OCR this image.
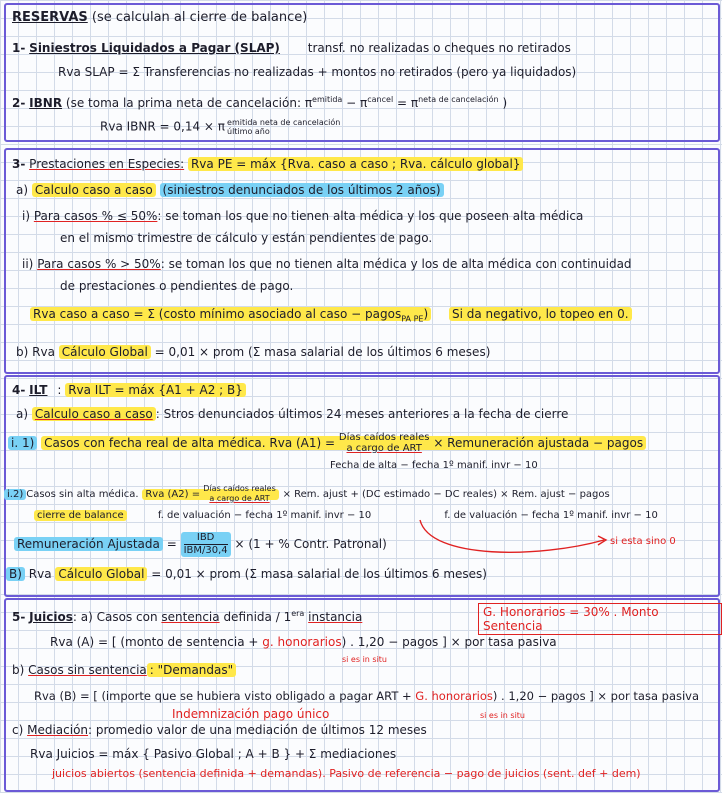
RESERVAS (se calculan al cierre de balance)
1- Siniestros Liquidados a Pagar (SLAP) transf. no realizadas o cheques no retirados
Rva SLAP = Σ Transferencias no realizadas + montos no retirados (pero ya liquidados)
2- IBNR (se toma la prima neta de cancelación: $\pi^{emitida} - \pi^{cancel} = \pi^{neta de cancelación}$ )
Rva IBNR = 0,14 × π emitida neta de cancelación
último año
3- Prestaciones en Especies: Rva PE = máx {Rva. caso a caso ; Rva. cálculo global}
a) Calculo caso a caso (siniestros denunciados de los últimos 2 años)
i) Para casos % ≤ 50%: se toman los que no tienen alta médica y los que poseen alta médica
en el mismo trimestre de cálculo y están pendientes de pago.
ii) Para casos % > 50%: se toman los que no tienen alta médica y los de alta médica con continuidad
de prestaciones o pendientes de pago.
Rva caso a caso = Σ (costo mínimo asociado al caso − pagos$_{PA PE}$) Si da negativo, lo topeo en 0.
b) Rva Cálculo Global = 0,01 × prom (Σ masa salarial de los últimos 6 meses)
4- ILT : Rva ILT = máx {A1 + A2 ; B}
a) Calculo caso a caso : Stros denunciados últimos 24 meses anteriores a la fecha de cierre
i. 1) Casos con fecha real de alta médica. Rva (A1) = Días caídos reales
a cargo de ART × Remuneración ajustada − pagos
Fecha de alta − fecha 1º manif. invr − 10
i.2) Casos sin alta médica. Rva (A2) =
Días caídos reales
a cargo de ART	× Rem. ajust + (DC estimado − DC reales) × Rem. ajust − pagos
cierre de balance	f. de valuación − fecha 1º manif. invr − 10	f. de valuación − fecha 1º manif. invr − 10
Remuneración Ajustada =	IBD
IBM/30,4 × (1 + % Contr. Patronal)	si esta sino 0
B) Rva Cálculo Global = 0,01 × prom (Σ masa salarial de los últimos 6 meses)
5- Juicios: a) Casos con sentencia definida / $1^{era}$ instancia	G. Honorarios = 30% . Monto Sentencia
Rva (A) = [ (monto de sentencia + g. honorarios) . 1,20 − pagos ] × por tasa pasiva
si es in situ
b) Casos sin sentencia : "Demandas"
Rva (B) = [ (importe que se hubiera visto obligado a pagar ART + G. honorarios) . 1,20 − pagos ] × por tasa pasiva
Indemnización pago único	si es in situ
c) Mediación: promedio valor de una mediación de últimos 12 meses
Rva Juicios = máx { Pasivo Global ; A + B } + Σ mediaciones
juicios abiertos (sentencia definida + demandas). Pasivo de referencia − pago de juicios (sent. def + dem)
